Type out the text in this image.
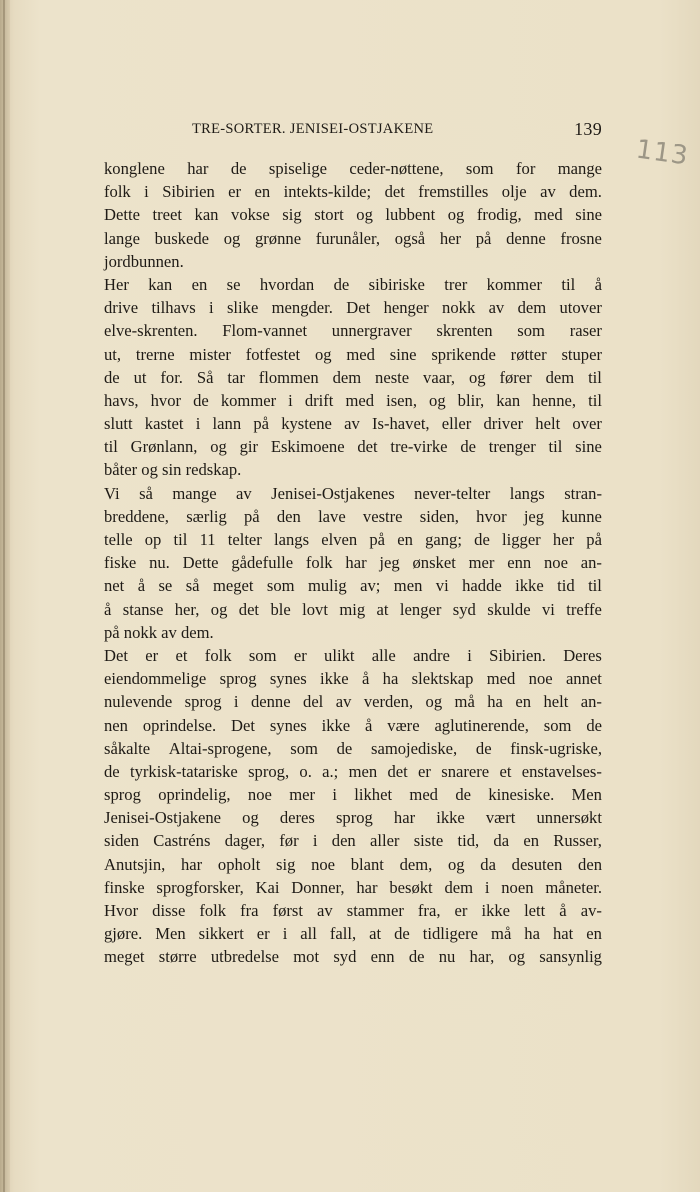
TRE-SORTER. JENISEI-OSTJAKENE	139
113
konglene har de spiselige ceder-nøttene, som for mange
folk i Sibirien er en intekts-kilde; det fremstilles olje av dem.
Dette treet kan vokse sig stort og lubbent og frodig, med sine
lange buskede og grønne furunåler, også her på denne frosne
jordbunnen.
Her kan en se hvordan de sibiriske trer kommer til å
drive tilhavs i slike mengder. Det henger nokk av dem utover
elve-skrenten. Flom-vannet unnergraver skrenten som raser
ut, trerne mister fotfestet og med sine sprikende røtter stuper
de ut for. Så tar flommen dem neste vaar, og fører dem til
havs, hvor de kommer i drift med isen, og blir, kan henne, til
slutt kastet i lann på kystene av Is-havet, eller driver helt over
til Grønlann, og gir Eskimoene det tre-virke de trenger til sine
båter og sin redskap.
Vi så mange av Jenisei-Ostjakenes never-telter langs stran-
breddene, særlig på den lave vestre siden, hvor jeg kunne
telle op til 11 telter langs elven på en gang; de ligger her på
fiske nu. Dette gådefulle folk har jeg ønsket mer enn noe an-
net å se så meget som mulig av; men vi hadde ikke tid til
å stanse her, og det ble lovt mig at lenger syd skulde vi treffe
på nokk av dem.
Det er et folk som er ulikt alle andre i Sibirien. Deres
eiendommelige sprog synes ikke å ha slektskap med noe annet
nulevende sprog i denne del av verden, og må ha en helt an-
nen oprindelse. Det synes ikke å være aglutinerende, som de
såkalte Altai-sprogene, som de samojediske, de finsk-ugriske,
de tyrkisk-tatariske sprog, o. a.; men det er snarere et enstavelses-
sprog oprindelig, noe mer i likhet med de kinesiske. Men
Jenisei-Ostjakene og deres sprog har ikke vært unnersøkt
siden Castréns dager, før i den aller siste tid, da en Russer,
Anutsjin, har opholt sig noe blant dem, og da desuten den
finske sprogforsker, Kai Donner, har besøkt dem i noen måneter.
Hvor disse folk fra først av stammer fra, er ikke lett å av-
gjøre. Men sikkert er i all fall, at de tidligere må ha hat en
meget større utbredelse mot syd enn de nu har, og sansynlig
